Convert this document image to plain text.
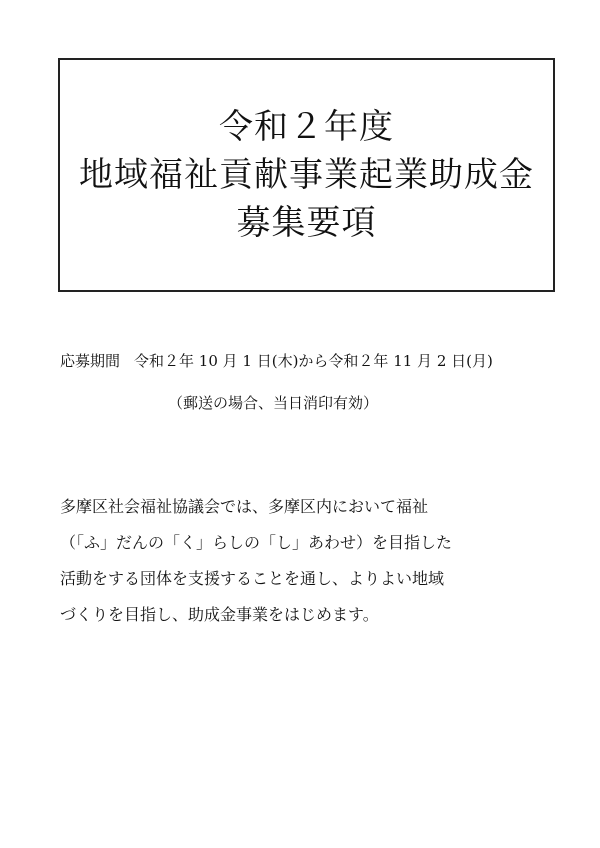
令和２年度
地域福祉貢献事業起業助成金
募集要項
応募期間 令和２年 10 月 1 日(木)から令和２年 11 月 2 日(月)
（郵送の場合、当日消印有効）
多摩区社会福祉協議会では、多摩区内において福祉
（「ふ」だんの「く」らしの「し」あわせ）を目指した
活動をする団体を支援することを通し、よりよい地域
づくりを目指し、助成金事業をはじめます。
